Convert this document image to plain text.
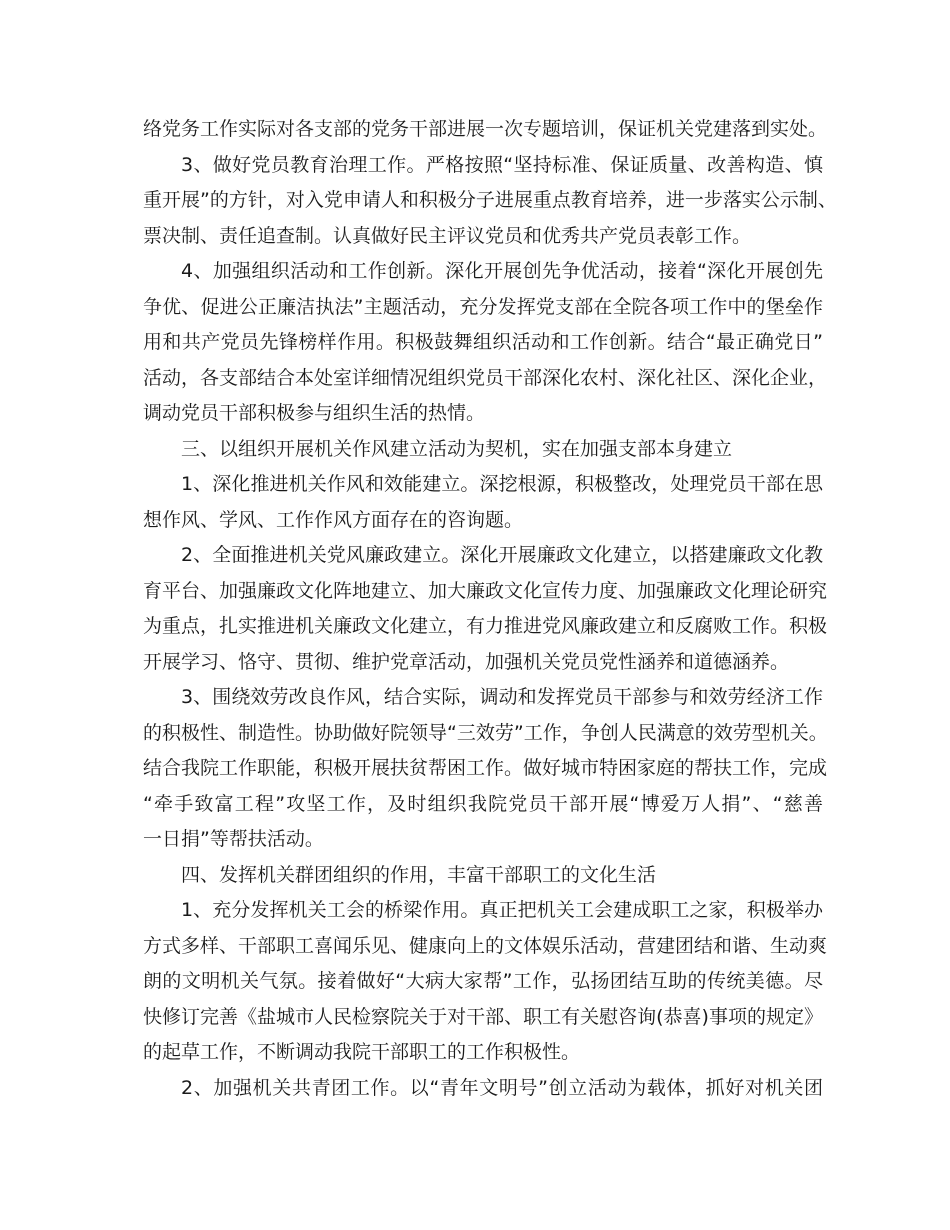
络党务工作实际对各支部的党务干部进展一次专题培训，保证机关党建落到实处。
3、做好党员教育治理工作。严格按照“坚持标准、保证质量、改善构造、慎
重开展”的方针，对入党申请人和积极分子进展重点教育培养，进一步落实公示制、
票决制、责任追查制。认真做好民主评议党员和优秀共产党员表彰工作。
4、加强组织活动和工作创新。深化开展创先争优活动，接着“深化开展创先
争优、促进公正廉洁执法”主题活动，充分发挥党支部在全院各项工作中的堡垒作
用和共产党员先锋榜样作用。积极鼓舞组织活动和工作创新。结合“最正确党日”
活动，各支部结合本处室详细情况组织党员干部深化农村、深化社区、深化企业，
调动党员干部积极参与组织生活的热情。
三、以组织开展机关作风建立活动为契机，实在加强支部本身建立
1、深化推进机关作风和效能建立。深挖根源，积极整改，处理党员干部在思
想作风、学风、工作作风方面存在的咨询题。
2、全面推进机关党风廉政建立。深化开展廉政文化建立，以搭建廉政文化教
育平台、加强廉政文化阵地建立、加大廉政文化宣传力度、加强廉政文化理论研究
为重点，扎实推进机关廉政文化建立，有力推进党风廉政建立和反腐败工作。积极
开展学习、恪守、贯彻、维护党章活动，加强机关党员党性涵养和道德涵养。
3、围绕效劳改良作风，结合实际，调动和发挥党员干部参与和效劳经济工作
的积极性、制造性。协助做好院领导“三效劳”工作，争创人民满意的效劳型机关。
结合我院工作职能，积极开展扶贫帮困工作。做好城市特困家庭的帮扶工作，完成
“牵手致富工程”攻坚工作，及时组织我院党员干部开展“博爱万人捐”、“慈善
一日捐”等帮扶活动。
四、发挥机关群团组织的作用，丰富干部职工的文化生活
1、充分发挥机关工会的桥梁作用。真正把机关工会建成职工之家，积极举办
方式多样、干部职工喜闻乐见、健康向上的文体娱乐活动，营建团结和谐、生动爽
朗的文明机关气氛。接着做好“大病大家帮”工作，弘扬团结互助的传统美德。尽
快修订完善《盐城市人民检察院关于对干部、职工有关慰咨询(恭喜)事项的规定》
的起草工作，不断调动我院干部职工的工作积极性。
2、加强机关共青团工作。以“青年文明号”创立活动为载体，抓好对机关团
